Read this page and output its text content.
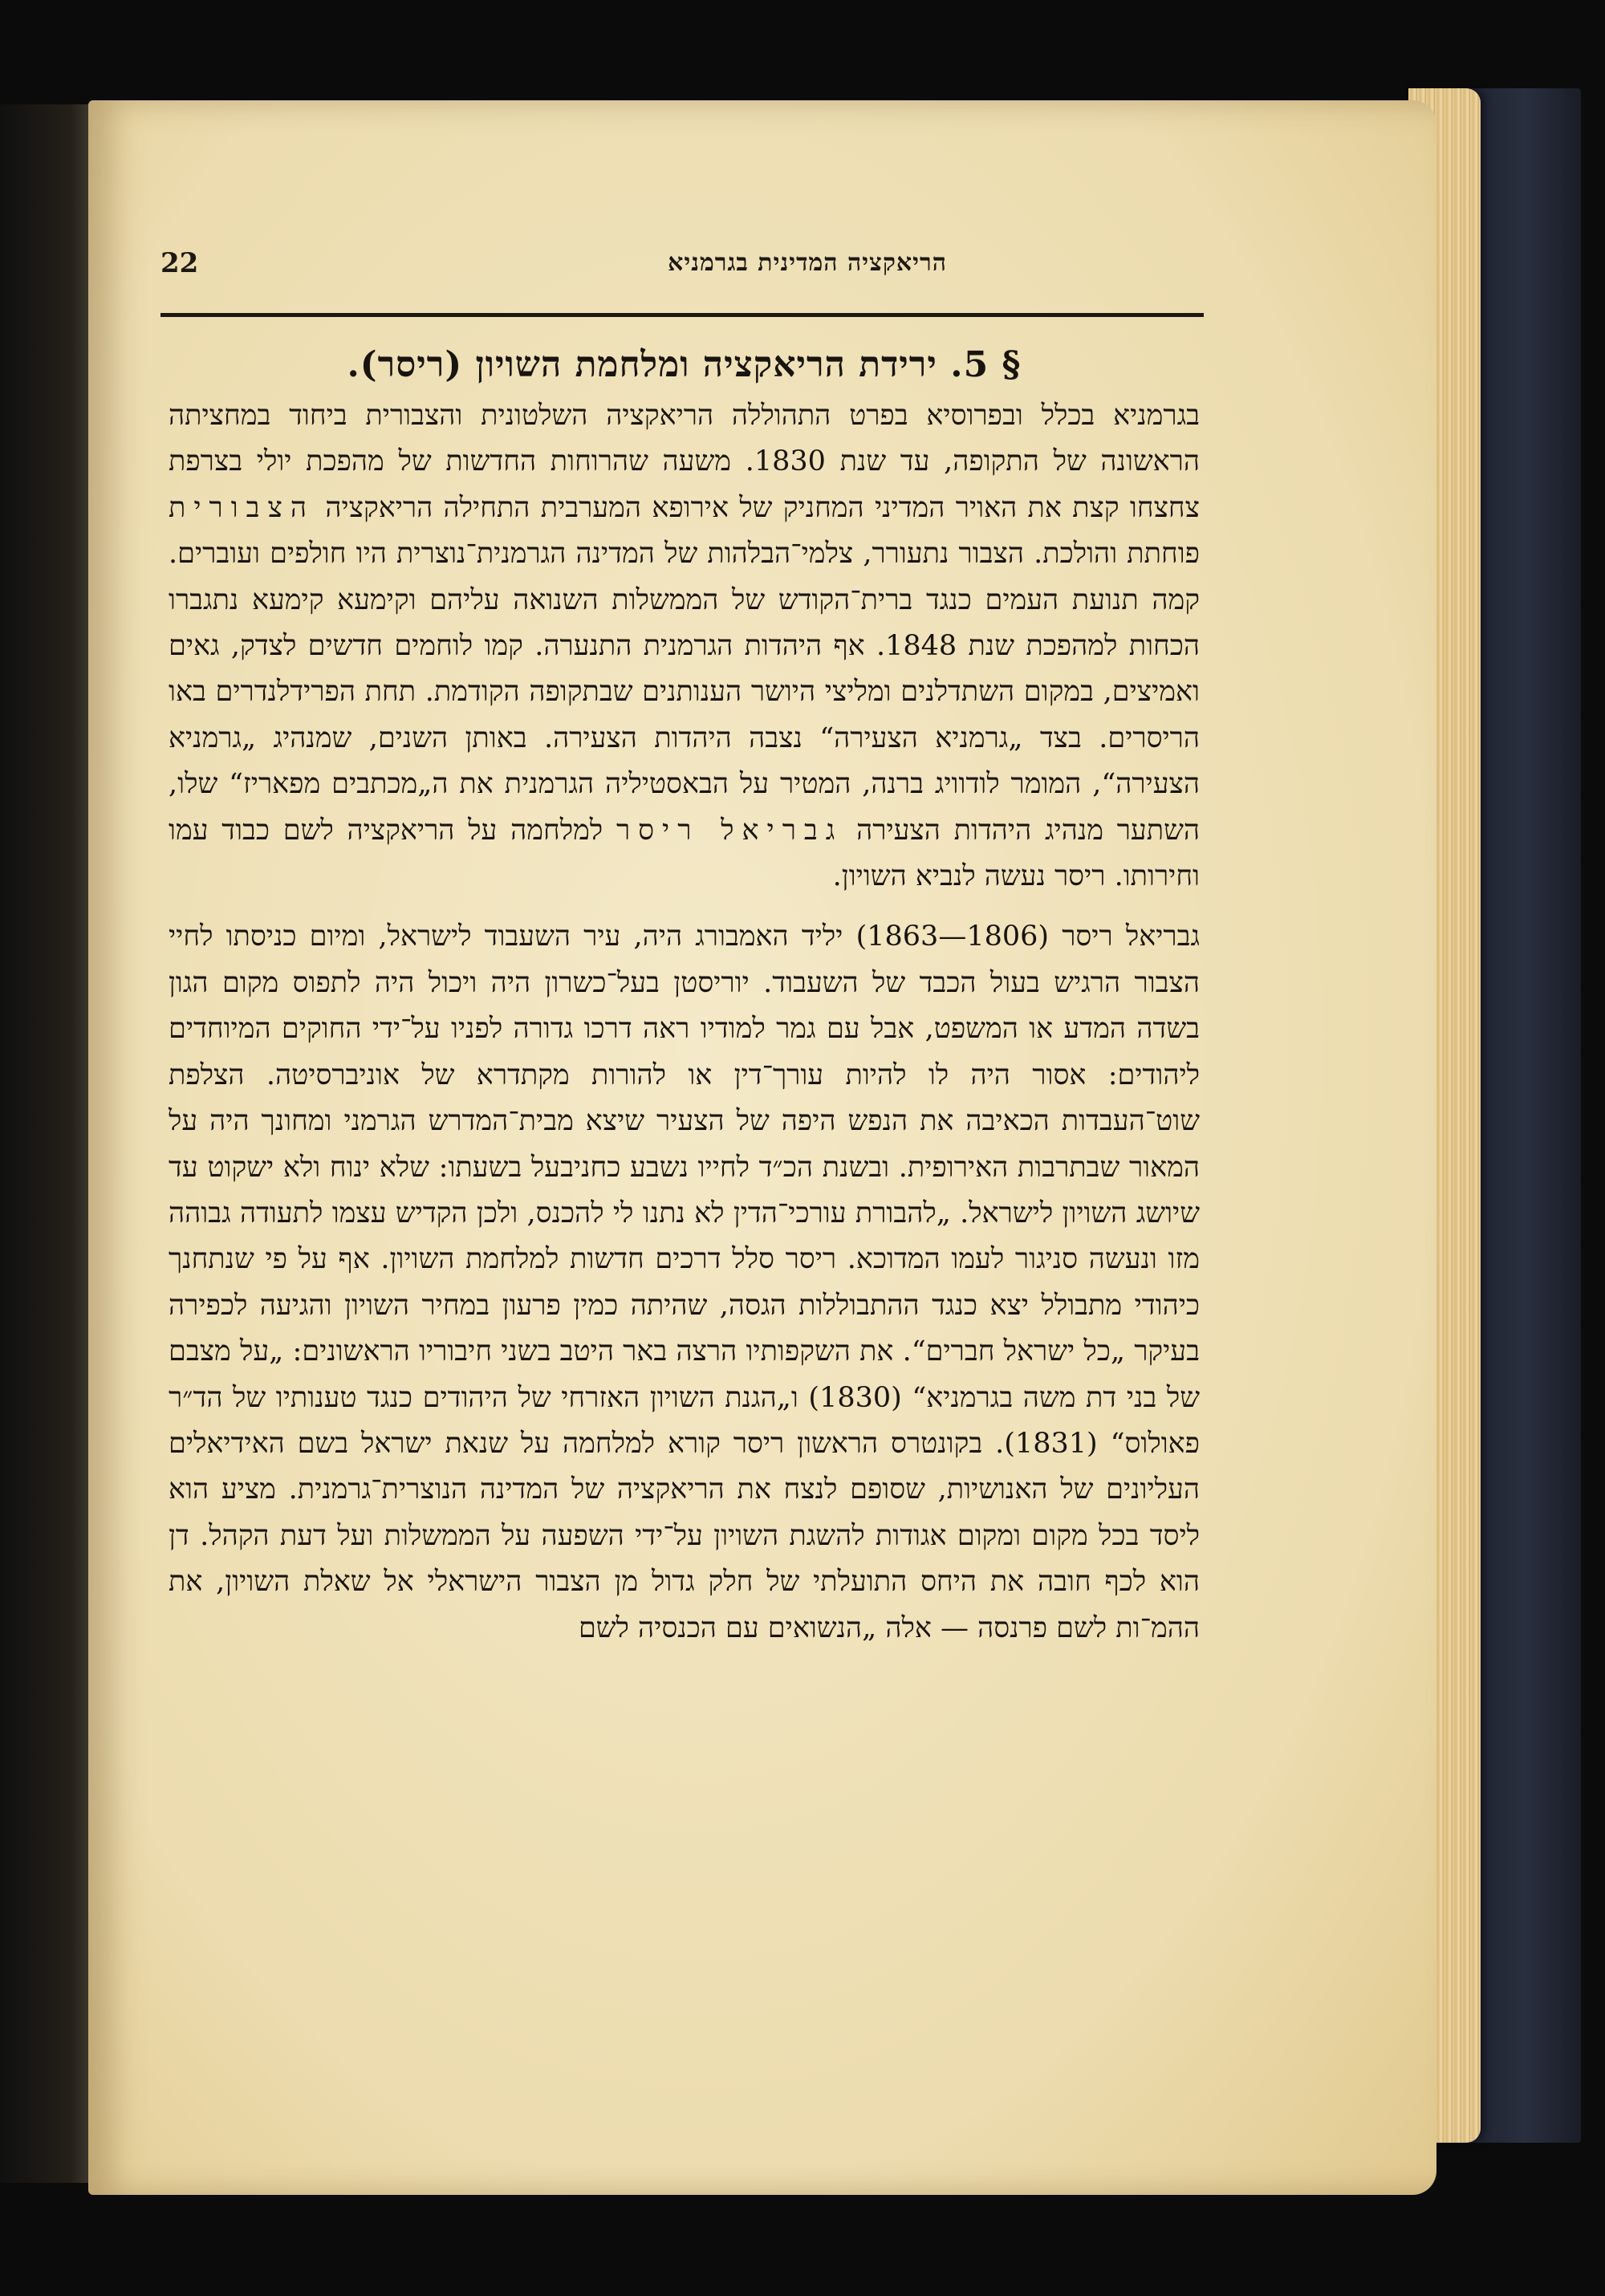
הריאקציה המדינית בגרמניא
22
§ 5. ירידת הריאקציה ומלחמת השויון (ריסר).

בגרמניא בכלל ובפרוסיא בפרט התהוללה הריאקציה השלטונית והצבורית ביחוד במחציתה הראשונה של התקופה, עד שנת 1830. משעה שהרוחות החדשות של מהפכת יולי בצרפת צחצחו קצת את האויר המדיני המחניק של אירופא המערבית התחילה הריאקציה הצבורית פוחתת והולכת. הצבור נתעורר, צלמי־הבלהות של המדינה הגרמנית־נוצרית היו חולפים ועוברים. קמה תנועת העמים כנגד ברית־הקודש של הממשלות השנואה עליהם וקימעא קימעא נתגברו הכחות למהפכת שנת 1848. אף היהדות הגרמנית התנערה. קמו לוחמים חדשים לצדק, גאים ואמיצים, במקום השתדלנים ומליצי היושר הענותנים שבתקופה הקודמת. תחת הפרידלנדרים באו הריסרים. בצד „גרמניא הצעירה“ נצבה היהדות הצעירה. באותן השנים, שמנהיג „גרמניא הצעירה“, המומר לודוויג ברנה, המטיר על הבאסטיליה הגרמנית את ה„מכתבים מפאריז“ שלו, השתער מנהיג היהדות הצעירה גבריאל ריסר למלחמה על הריאקציה לשם כבוד עמו וחירותו. ריסר נעשה לנביא השויון.

גבריאל ריסר (1806—1863) יליד האמבורג היה, עיר השעבוד לישראל, ומיום כניסתו לחיי הצבור הרגיש בעול הכבד של השעבוד. יוריסטן בעל־כשרון היה ויכול היה לתפוס מקום הגון בשדה המדע או המשפט, אבל עם גמר למודיו ראה דרכו גדורה לפניו על־ידי החוקים המיוחדים ליהודים: אסור היה לו להיות עורך־דין או להורות מקתדרא של אוניברסיטה. הצלפת שוט־העבדות הכאיבה את הנפש היפה של הצעיר שיצא מבית־המדרש הגרמני ומחונך היה על המאור שבתרבות האירופית. ובשנת הכ״ד לחייו נשבע כחניבעל בשעתו: שלא ינוח ולא ישקוט עד שיושג השויון לישראל. „להבורת עורכי־הדין לא נתנו לי להכנס, ולכן הקדיש עצמו לתעודה גבוהה מזו ונעשה סניגור לעמו המדוכא. ריסר סלל דרכים חדשות למלחמת השויון. אף על פי שנתחנך כיהודי מתבולל יצא כנגד ההתבוללות הגסה, שהיתה כמין פרעון במחיר השויון והגיעה לכפירה בעיקר „כל ישראל חברים“. את השקפותיו הרצה באר היטב בשני חיבוריו הראשונים: „על מצבם של בני דת משה בגרמניא“ (1830) ו„הגנת השויון האזרחי של היהודים כנגד טענותיו של הד״ר פאולוס“ (1831). בקונטרס הראשון ריסר קורא למלחמה על שנאת ישראל בשם האידיאלים העליונים של האנושיות, שסופם לנצח את הריאקציה של המדינה הנוצרית־גרמנית. מציע הוא ליסד בכל מקום ומקום אגודות להשגת השויון על־ידי השפעה על הממשלות ועל דעת הקהל. דן הוא לכף חובה את היחס התועלתי של חלק גדול מן הצבור הישראלי אל שאלת השויון, את ההמ־ות לשם פרנסה — אלה „הנשואים עם הכנסיה לשם
